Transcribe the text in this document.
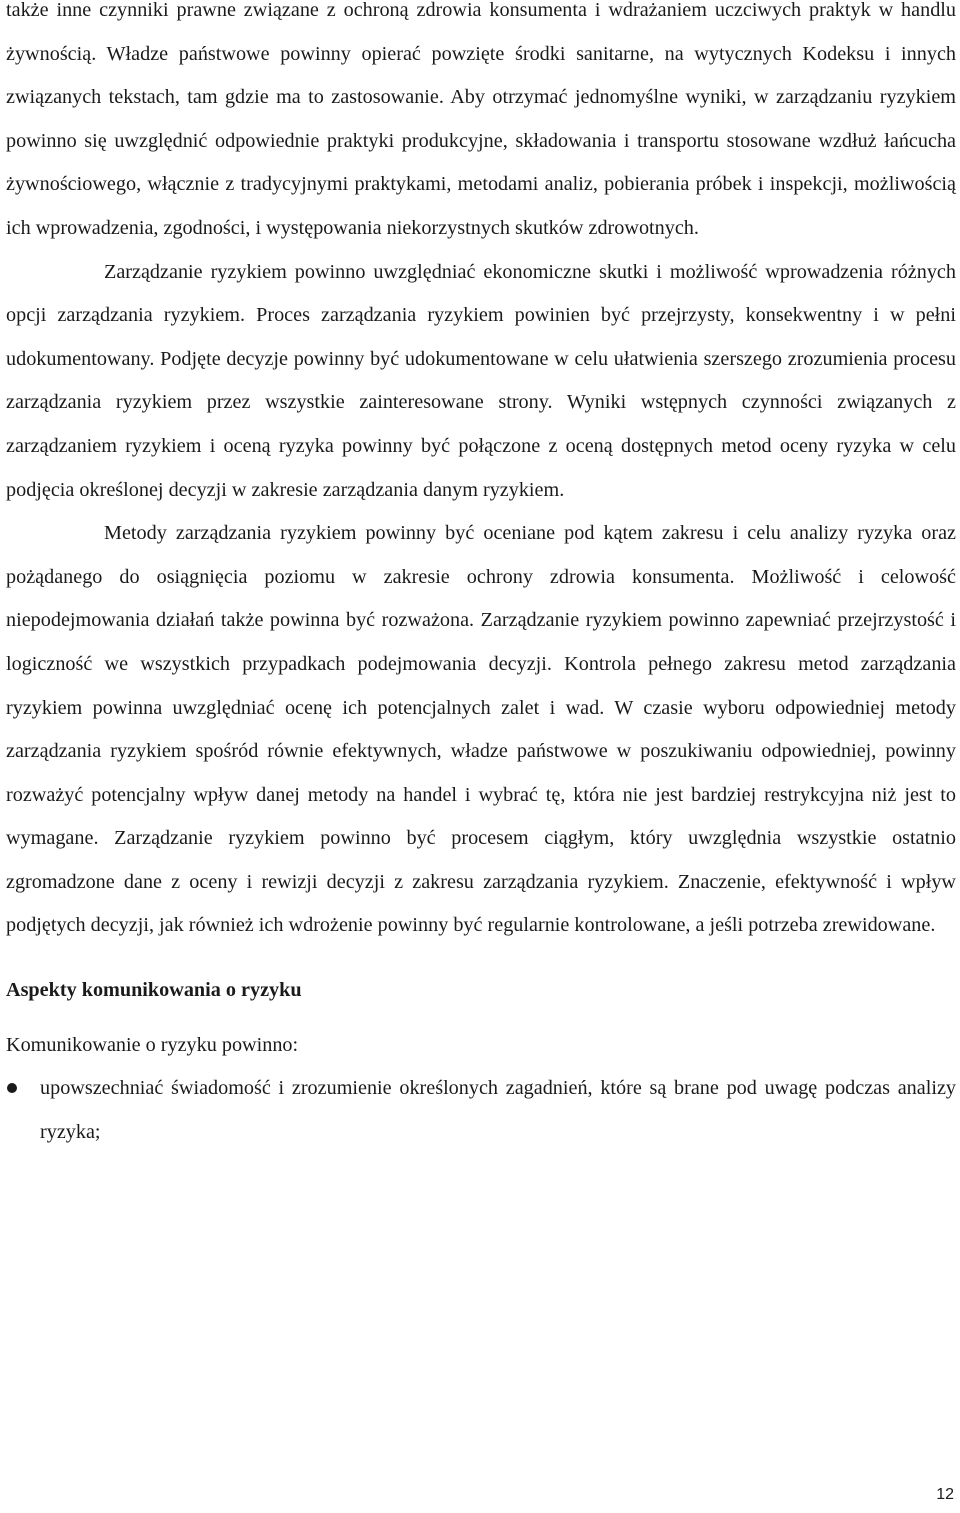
także inne czynniki prawne związane z ochroną zdrowia konsumenta i wdrażaniem uczciwych praktyk w handlu żywnością. Władze państwowe powinny opierać powzięte środki sanitarne, na wytycznych Kodeksu i innych związanych tekstach, tam gdzie ma to zastosowanie. Aby otrzymać jednomyślne wyniki, w zarządzaniu ryzykiem powinno się uwzględnić odpowiednie praktyki produkcyjne, składowania i transportu stosowane wzdłuż łańcucha żywnościowego, włącznie z tradycyjnymi praktykami, metodami analiz, pobierania próbek i inspekcji, możliwością ich wprowadzenia, zgodności, i występowania niekorzystnych skutków zdrowotnych.

Zarządzanie ryzykiem powinno uwzględniać ekonomiczne skutki i możliwość wprowadzenia różnych opcji zarządzania ryzykiem. Proces zarządzania ryzykiem powinien być przejrzysty, konsekwentny i w pełni udokumentowany. Podjęte decyzje powinny być udokumentowane w celu ułatwienia szerszego zrozumienia procesu zarządzania ryzykiem przez wszystkie zainteresowane strony. Wyniki wstępnych czynności związanych z zarządzaniem ryzykiem i oceną ryzyka powinny być połączone z oceną dostępnych metod oceny ryzyka w celu podjęcia określonej decyzji w zakresie zarządzania danym ryzykiem.

Metody zarządzania ryzykiem powinny być oceniane pod kątem zakresu i celu analizy ryzyka oraz pożądanego do osiągnięcia poziomu w zakresie ochrony zdrowia konsumenta. Możliwość i celowość niepodejmowania działań także powinna być rozważona. Zarządzanie ryzykiem powinno zapewniać przejrzystość i logiczność we wszystkich przypadkach podejmowania decyzji. Kontrola pełnego zakresu metod zarządzania ryzykiem powinna uwzględniać ocenę ich potencjalnych zalet i wad. W czasie wyboru odpowiedniej metody zarządzania ryzykiem spośród równie efektywnych, władze państwowe w poszukiwaniu odpowiedniej, powinny rozważyć potencjalny wpływ danej metody na handel i wybrać tę, która nie jest bardziej restrykcyjna niż jest to wymagane. Zarządzanie ryzykiem powinno być procesem ciągłym, który uwzględnia wszystkie ostatnio zgromadzone dane z oceny i rewizji decyzji z zakresu zarządzania ryzykiem. Znaczenie, efektywność i wpływ podjętych decyzji, jak również ich wdrożenie powinny być regularnie kontrolowane, a jeśli potrzeba zrewidowane.

Aspekty komunikowania o ryzyku

Komunikowanie o ryzyku powinno:

upowszechniać świadomość i zrozumienie określonych zagadnień, które są brane pod uwagę podczas analizy ryzyka;
12
